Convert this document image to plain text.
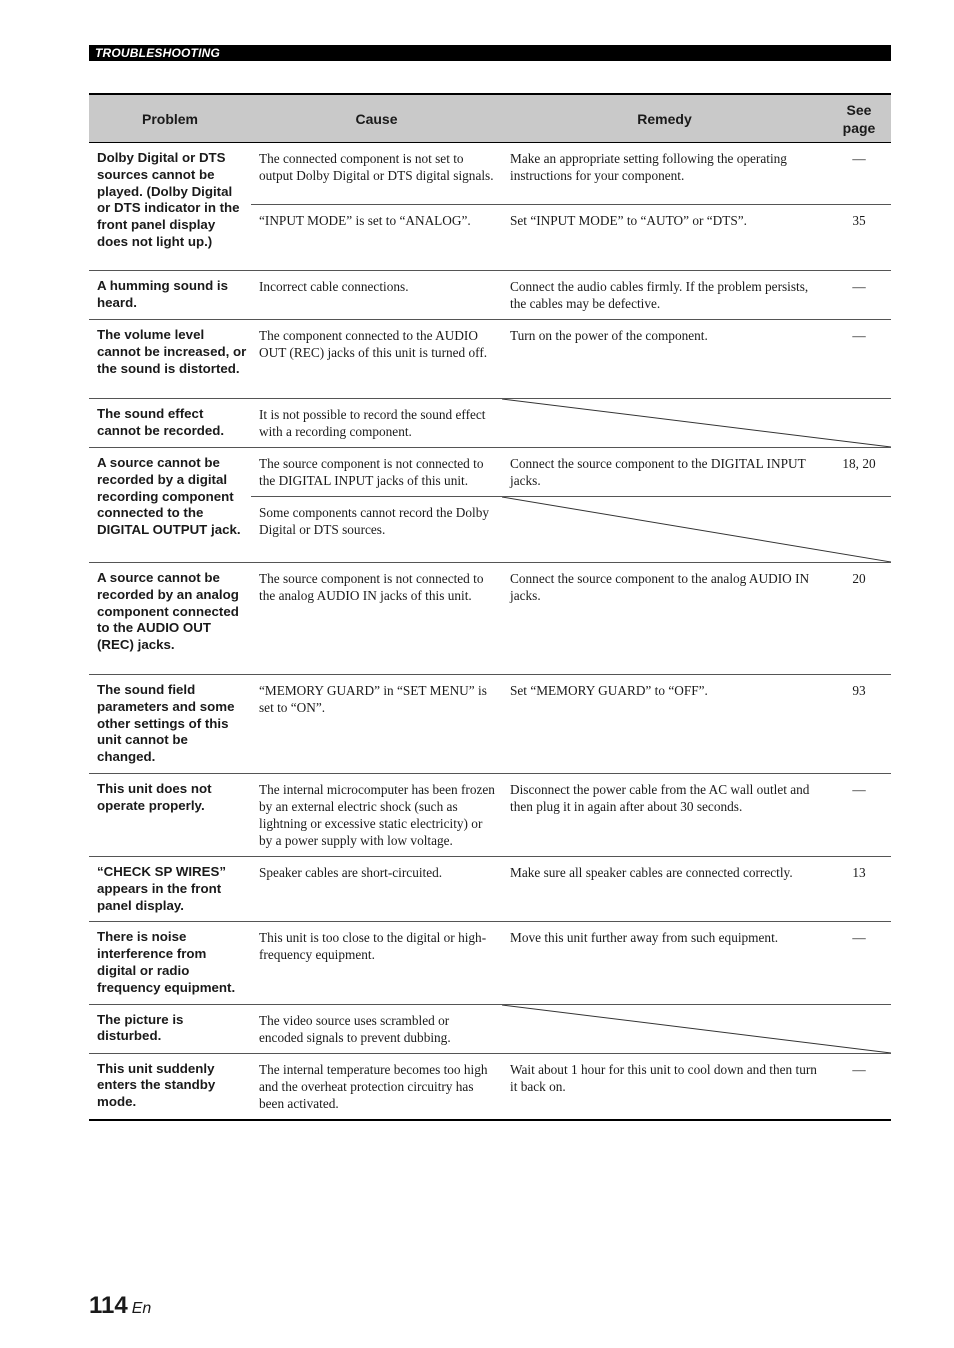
TROUBLESHOOTING
Problem	Cause	Remedy	See page
Dolby Digital or DTS sources cannot be played. (Dolby Digital or DTS indicator in the front panel display does not light up.)	The connected component is not set to output Dolby Digital or DTS digital signals.	Make an appropriate setting following the operating instructions for your component.	—
	“INPUT MODE” is set to “ANALOG”.	Set “INPUT MODE” to “AUTO” or “DTS”.	35
A humming sound is heard.	Incorrect cable connections.	Connect the audio cables firmly. If the problem persists, the cables may be defective.	—
The volume level cannot be increased, or the sound is distorted.	The component connected to the AUDIO OUT (REC) jacks of this unit is turned off.	Turn on the power of the component.	—
The sound effect cannot be recorded.	It is not possible to record the sound effect with a recording component.	

A source cannot be recorded by a digital recording component connected to the DIGITAL OUTPUT jack.	The source component is not connected to the DIGITAL INPUT jacks of this unit.	Connect the source component to the DIGITAL INPUT jacks.	18, 20
	Some components cannot record the Dolby Digital or DTS sources.	

A source cannot be recorded by an analog component connected to the AUDIO OUT (REC) jacks.	The source component is not connected to the analog AUDIO IN jacks of this unit.	Connect the source component to the analog AUDIO IN jacks.	20
The sound field parameters and some other settings of this unit cannot be changed.	“MEMORY GUARD” in “SET MENU” is set to “ON”.	Set “MEMORY GUARD” to “OFF”.	93
This unit does not operate properly.	The internal microcomputer has been frozen by an external electric shock (such as lightning or excessive static electricity) or by a power supply with low voltage.	Disconnect the power cable from the AC wall outlet and then plug it in again after about 30 seconds.	—
“CHECK SP WIRES” appears in the front panel display.	Speaker cables are short-circuited.	Make sure all speaker cables are connected correctly.	13
There is noise interference from digital or radio frequency equipment.	This unit is too close to the digital or high-frequency equipment.	Move this unit further away from such equipment.	—
The picture is disturbed.	The video source uses scrambled or encoded signals to prevent dubbing.	

This unit suddenly enters the standby mode.	The internal temperature becomes too high and the overheat protection circuitry has been activated.	Wait about 1 hour for this unit to cool down and then turn it back on.	—
114 En
